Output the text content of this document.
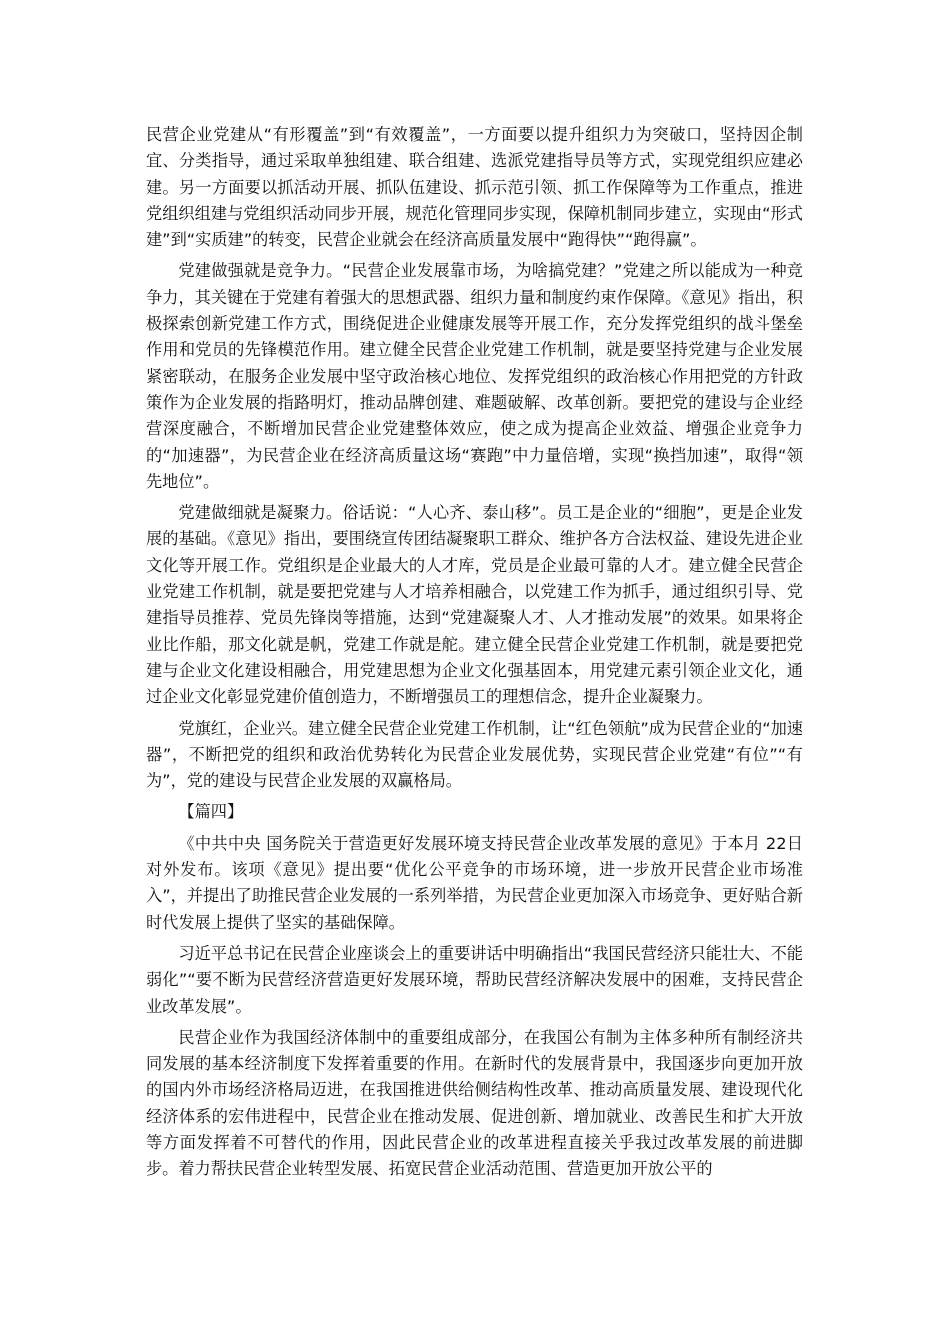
民营企业党建从“有形覆盖”到“有效覆盖”，一方面要以提升组织力为突破口，坚持因企制宜、分类指导，通过采取单独组建、联合组建、选派党建指导员等方式，实现党组织应建必建。另一方面要以抓活动开展、抓队伍建设、抓示范引领、抓工作保障等为工作重点，推进党组织组建与党组织活动同步开展，规范化管理同步实现，保障机制同步建立，实现由“形式建”到“实质建”的转变，民营企业就会在经济高质量发展中“跑得快”“跑得赢”。

党建做强就是竞争力。“民营企业发展靠市场，为啥搞党建？”党建之所以能成为一种竞争力，其关键在于党建有着强大的思想武器、组织力量和制度约束作保障。《意见》指出，积极探索创新党建工作方式，围绕促进企业健康发展等开展工作，充分发挥党组织的战斗堡垒作用和党员的先锋模范作用。建立健全民营企业党建工作机制，就是要坚持党建与企业发展紧密联动，在服务企业发展中坚守政治核心地位、发挥党组织的政治核心作用把党的方针政策作为企业发展的指路明灯，推动品牌创建、难题破解、改革创新。要把党的建设与企业经营深度融合，不断增加民营企业党建整体效应，使之成为提高企业效益、增强企业竞争力的“加速器”，为民营企业在经济高质量这场“赛跑”中力量倍增，实现“换挡加速”，取得“领先地位”。

党建做细就是凝聚力。俗话说：“人心齐、泰山移”。员工是企业的“细胞”，更是企业发展的基础。《意见》指出，要围绕宣传团结凝聚职工群众、维护各方合法权益、建设先进企业文化等开展工作。党组织是企业最大的人才库，党员是企业最可靠的人才。建立健全民营企业党建工作机制，就是要把党建与人才培养相融合，以党建工作为抓手，通过组织引导、党建指导员推荐、党员先锋岗等措施，达到“党建凝聚人才、人才推动发展”的效果。如果将企业比作船，那文化就是帆，党建工作就是舵。建立健全民营企业党建工作机制，就是要把党建与企业文化建设相融合，用党建思想为企业文化强基固本，用党建元素引领企业文化，通过企业文化彰显党建价值创造力，不断增强员工的理想信念，提升企业凝聚力。

党旗红，企业兴。建立健全民营企业党建工作机制，让“红色领航”成为民营企业的“加速器”，不断把党的组织和政治优势转化为民营企业发展优势，实现民营企业党建“有位”“有为”，党的建设与民营企业发展的双赢格局。

【篇四】

《中共中央 国务院关于营造更好发展环境支持民营企业改革发展的意见》于本月 22日对外发布。该项《意见》提出要“优化公平竞争的市场环境，进一步放开民营企业市场准入”，并提出了助推民营企业发展的一系列举措，为民营企业更加深入市场竞争、更好贴合新时代发展上提供了坚实的基础保障。

习近平总书记在民营企业座谈会上的重要讲话中明确指出“我国民营经济只能壮大、不能弱化”“要不断为民营经济营造更好发展环境，帮助民营经济解决发展中的困难，支持民营企业改革发展”。

民营企业作为我国经济体制中的重要组成部分，在我国公有制为主体多种所有制经济共同发展的基本经济制度下发挥着重要的作用。在新时代的发展背景中，我国逐步向更加开放的国内外市场经济格局迈进，在我国推进供给侧结构性改革、推动高质量发展、建设现代化经济体系的宏伟进程中，民营企业在推动发展、促进创新、增加就业、改善民生和扩大开放等方面发挥着不可替代的作用，因此民营企业的改革进程直接关乎我过改革发展的前进脚步。着力帮扶民营企业转型发展、拓宽民营企业活动范围、营造更加开放公平的
